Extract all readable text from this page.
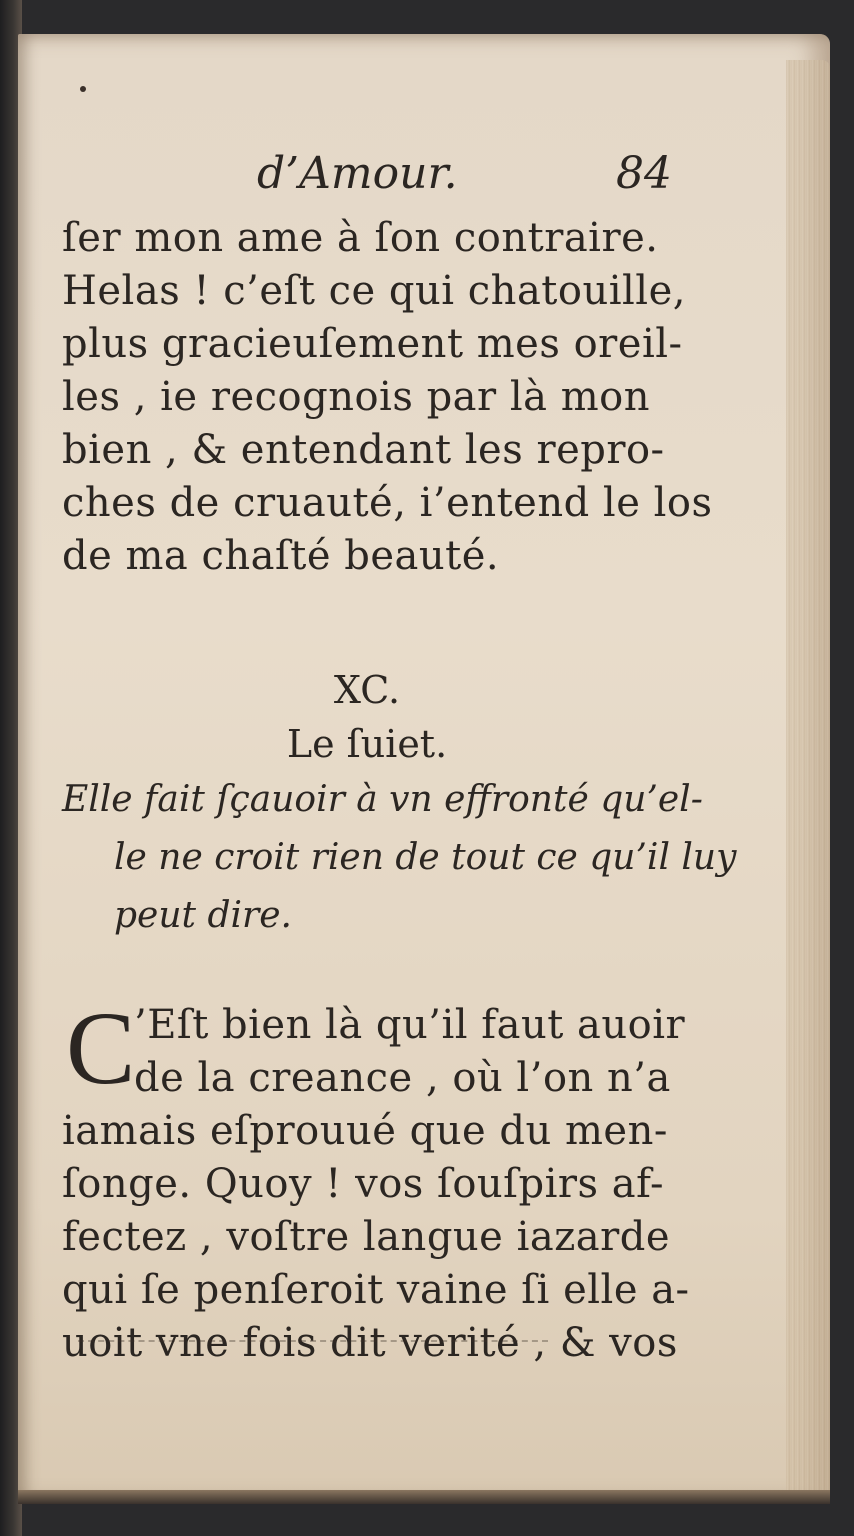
d’Amour.	84
ſer mon ame à ſon contraire.
Helas ! c’eſt ce qui chatouille,
plus gracieuſement mes oreil-
les , ie recognois par là mon
bien , & entendant les repro-
ches de cruauté, i’entend le los
de ma chaſté beauté.
XC.
Le ſuiet.
Elle fait ſçauoir à vn effronté qu’el-
le ne croit rien de tout ce qu’il luy
peut dire.
C
’Eſt bien là qu’il faut auoir
de la creance , où l’on n’a
iamais eſprouué que du men-
ſonge. Quoy ! vos ſouſpirs af-
fectez , voſtre langue iazarde
qui ſe penſeroit vaine ſi elle a-
uoit vne fois dit verité , & vos
